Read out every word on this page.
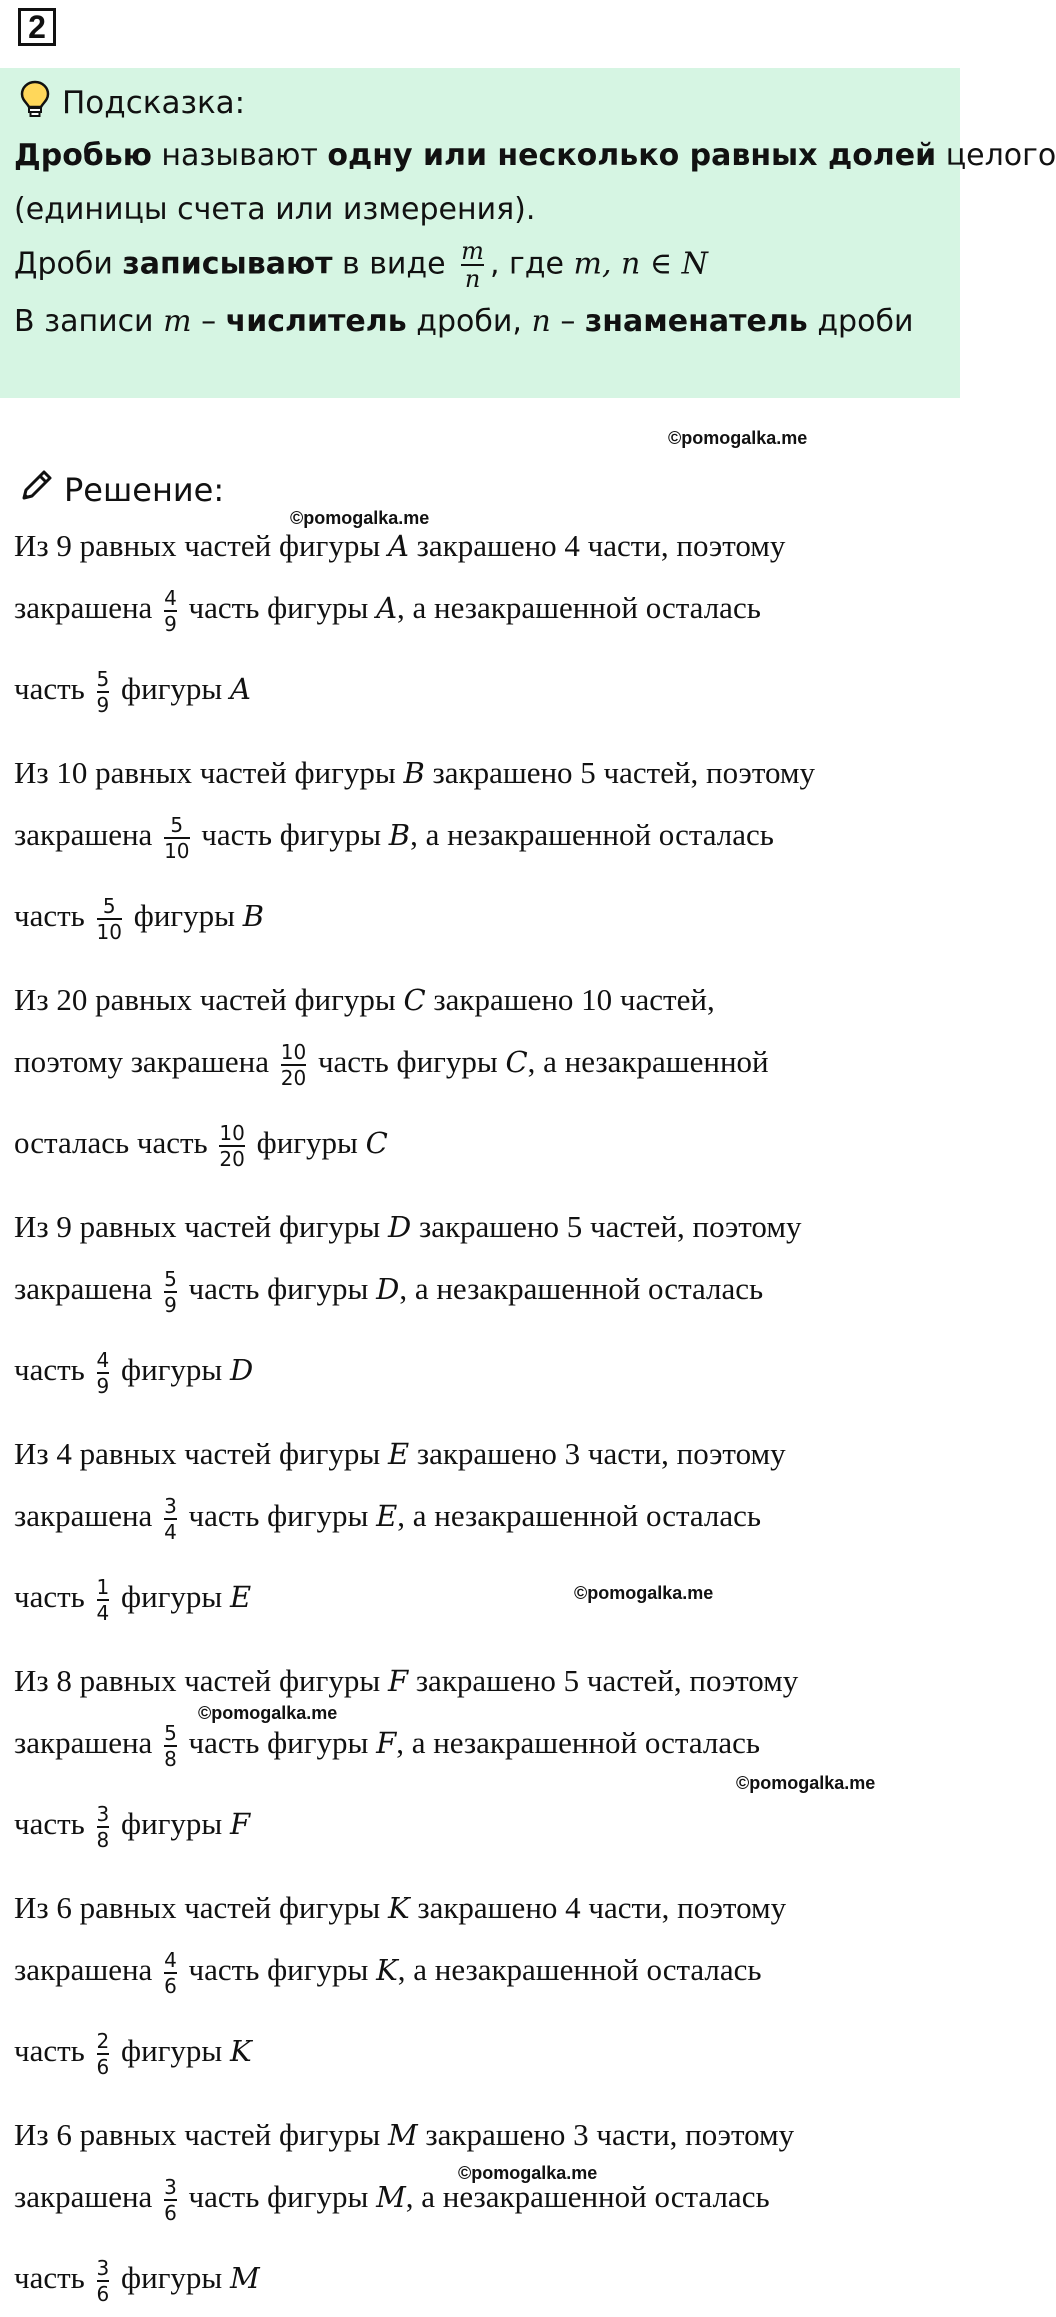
2
Подсказка:
Дробью называют одну или несколько равных долей целого
(единицы счета или измерения).
Дроби записывают в виде $\frac{m}{n}$ , где m, n ∈ N
В записи m – числитель дроби, n – знаменатель дроби
©pomogalka.me
Решение:
©pomogalka.me
©pomogalka.me
©pomogalka.me
©pomogalka.me
©pomogalka.me
Из 9 равных частей фигуры A закрашено 4 части, поэтому
закрашена $\frac{4}{9}$ часть фигуры A, а незакрашенной осталась
часть $\frac{5}{9}$ фигуры A
Из 10 равных частей фигуры B закрашено 5 частей, поэтому
закрашена $\frac{5}{10}$ часть фигуры B, а незакрашенной осталась
часть $\frac{5}{10}$ фигуры B
Из 20 равных частей фигуры C закрашено 10 частей,
поэтому закрашена $\frac{10}{20}$ часть фигуры C, а незакрашенной
осталась часть $\frac{10}{20}$ фигуры C
Из 9 равных частей фигуры D закрашено 5 частей, поэтому
закрашена $\frac{5}{9}$ часть фигуры D, а незакрашенной осталась
часть $\frac{4}{9}$ фигуры D
Из 4 равных частей фигуры E закрашено 3 части, поэтому
закрашена $\frac{3}{4}$ часть фигуры E, а незакрашенной осталась
часть $\frac{1}{4}$ фигуры E
Из 8 равных частей фигуры F закрашено 5 частей, поэтому
закрашена $\frac{5}{8}$ часть фигуры F, а незакрашенной осталась
часть $\frac{3}{8}$ фигуры F
Из 6 равных частей фигуры K закрашено 4 части, поэтому
закрашена $\frac{4}{6}$ часть фигуры K, а незакрашенной осталась
часть $\frac{2}{6}$ фигуры K
Из 6 равных частей фигуры M закрашено 3 части, поэтому
закрашена $\frac{3}{6}$ часть фигуры M, а незакрашенной осталась
часть $\frac{3}{6}$ фигуры M
